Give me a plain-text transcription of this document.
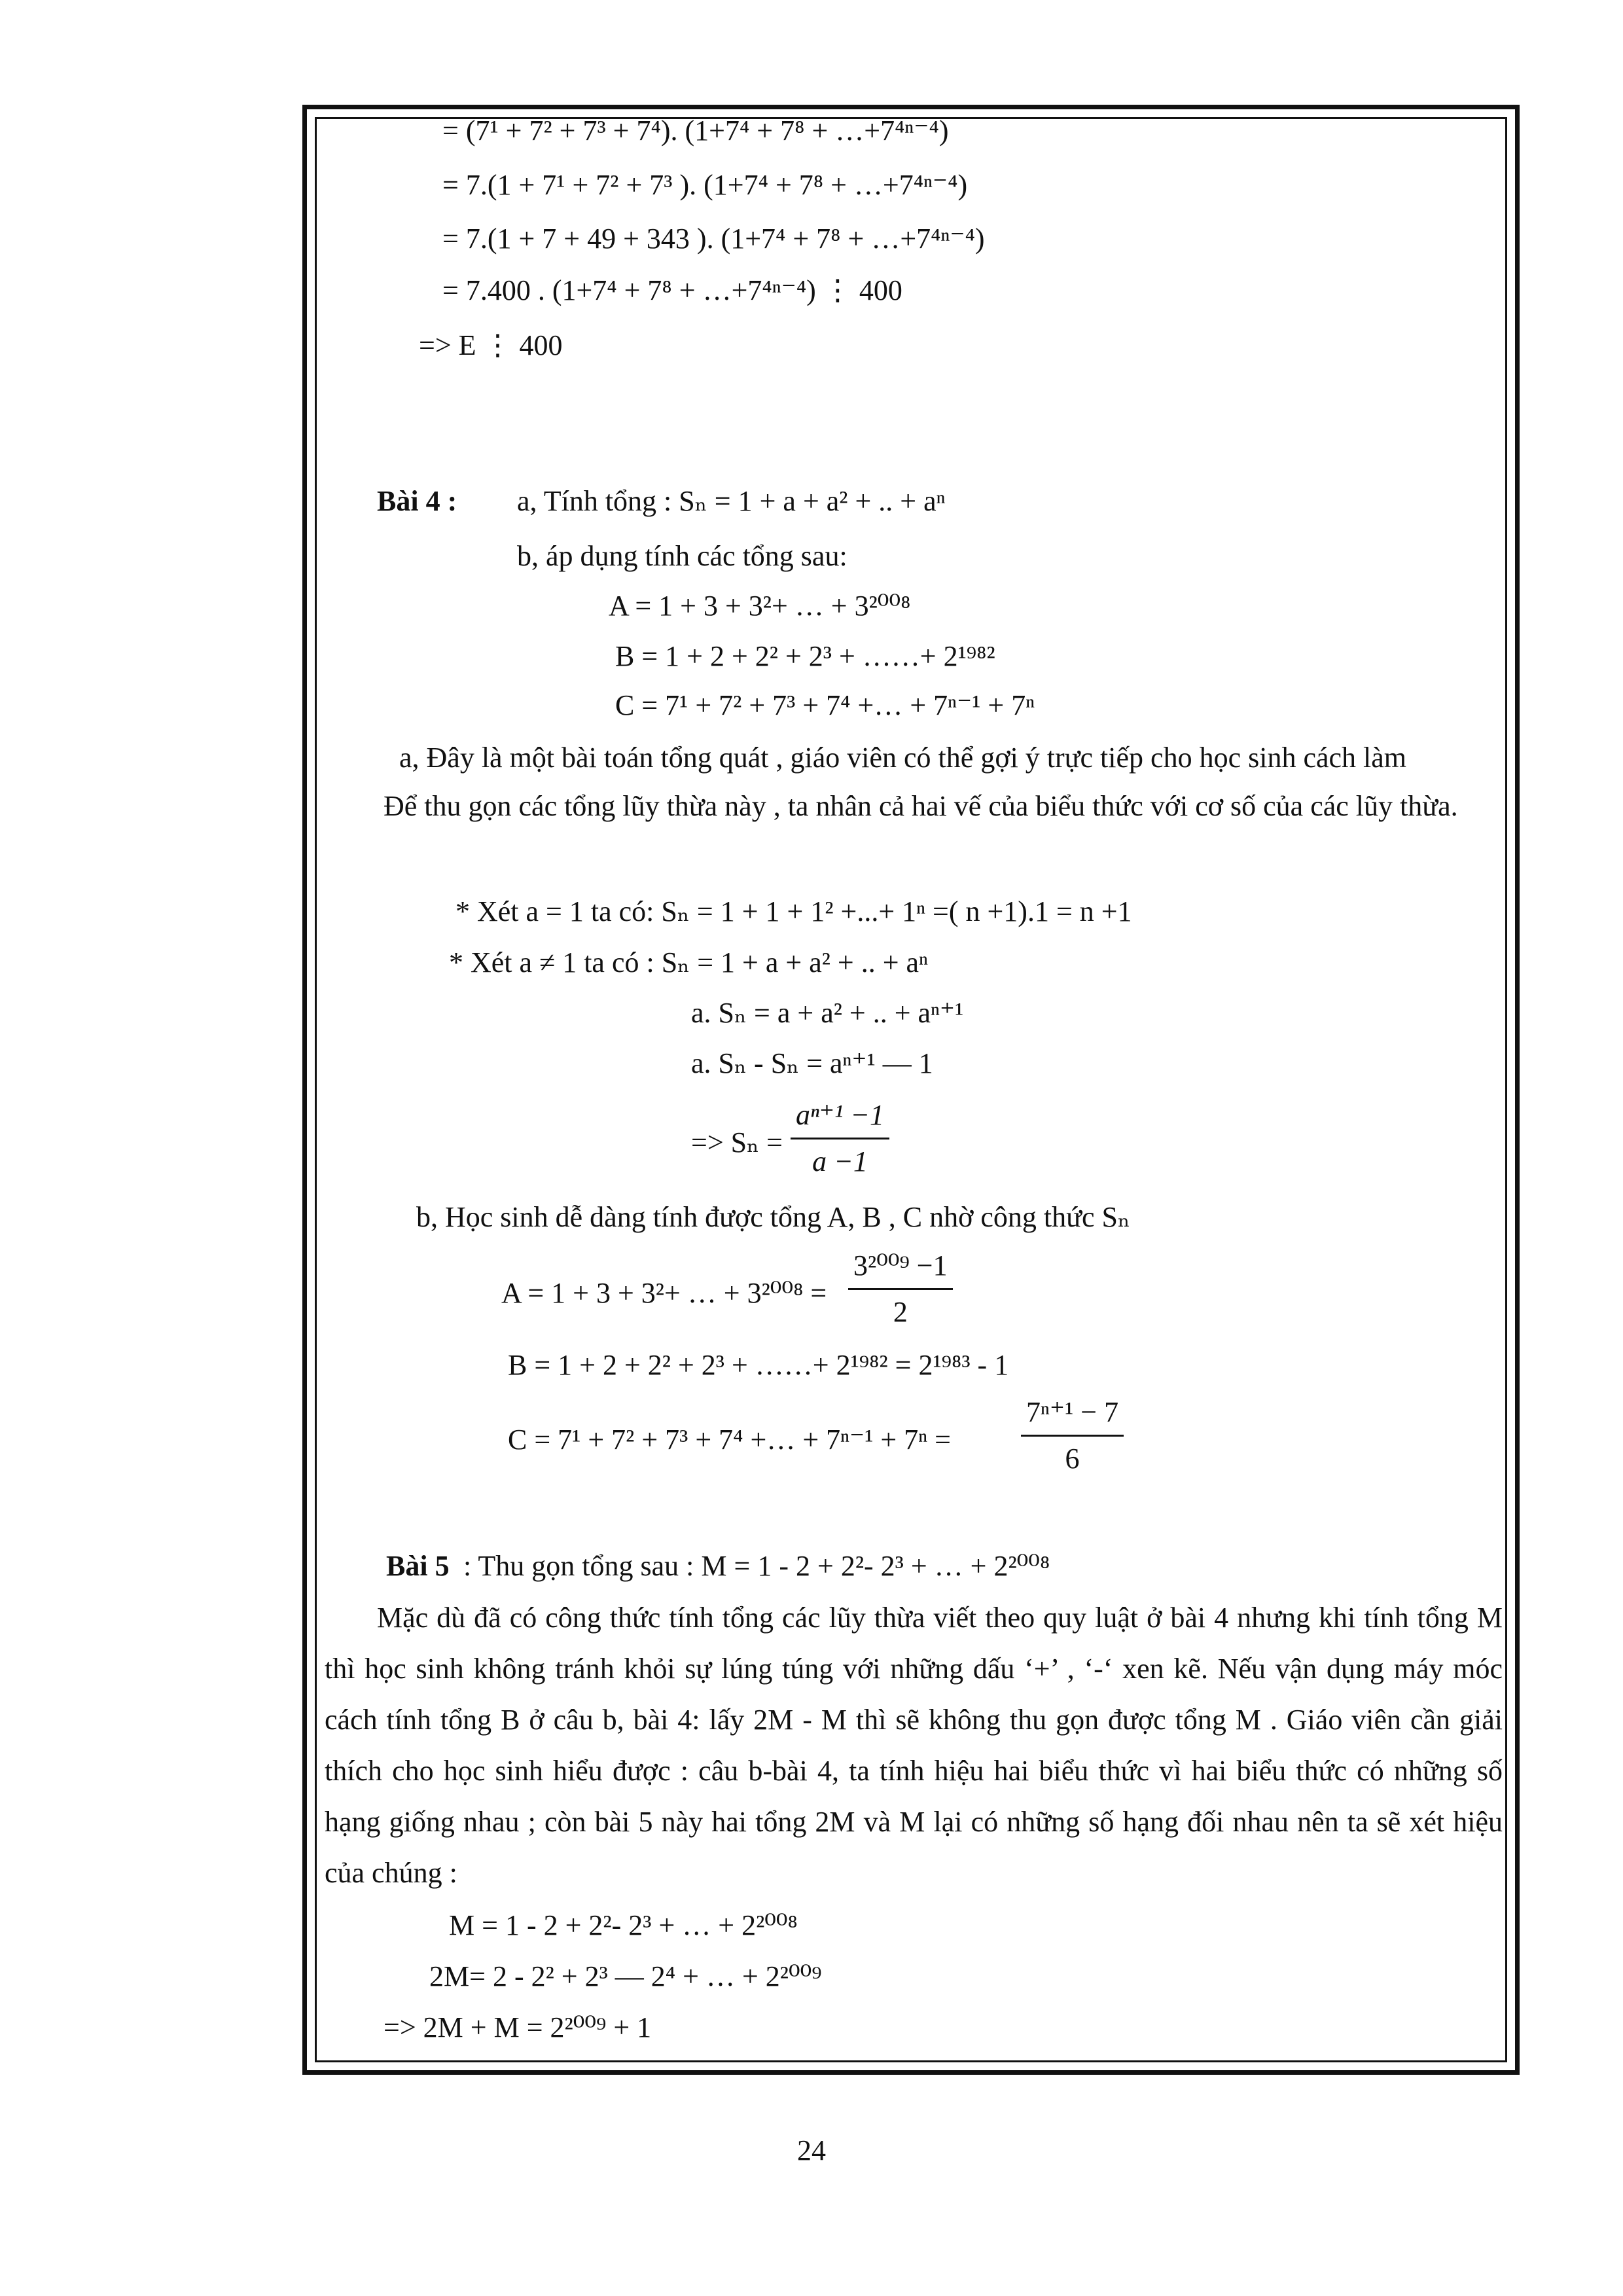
= (7¹ + 7² + 7³ + 7⁴). (1+7⁴ + 7⁸ + …+7⁴ⁿ⁻⁴)
= 7.(1 + 7¹ + 7² + 7³ ). (1+7⁴ + 7⁸ + …+7⁴ⁿ⁻⁴)
= 7.(1 + 7 + 49 + 343 ). (1+7⁴ + 7⁸ + …+7⁴ⁿ⁻⁴)
= 7.400 . (1+7⁴ + 7⁸ + …+7⁴ⁿ⁻⁴) ⋮ 400
=> E ⋮ 400
Bài 4 : a, Tính tổng : Sₙ = 1 + a + a² + .. + aⁿ
b, áp dụng tính các tổng sau:
A = 1 + 3 + 3²+ … + 3²⁰⁰⁸
B = 1 + 2 + 2² + 2³ + ……+ 2¹⁹⁸²
C = 7¹ + 7² + 7³ + 7⁴ +… + 7ⁿ⁻¹ + 7ⁿ
a, Đây là một bài toán tổng quát , giáo viên có thể gợi ý trực tiếp cho học sinh cách làm
Để thu gọn các tổng lũy thừa này , ta nhân cả hai vế của biểu thức với cơ số của các lũy thừa.
* Xét a = 1 ta có: Sₙ = 1 + 1 + 1² +...+ 1ⁿ =( n +1).1 = n +1
* Xét a ≠ 1 ta có : Sₙ = 1 + a + a² + .. + aⁿ
a. Sₙ = a + a² + .. + aⁿ⁺¹
a. Sₙ - Sₙ = aⁿ⁺¹ — 1
=> Sₙ =
aⁿ⁺¹ −1
a −1
b, Học sinh dễ dàng tính được tổng A, B , C nhờ công thức Sₙ
A = 1 + 3 + 3²+ … + 3²⁰⁰⁸ =
3²⁰⁰⁹ −1
2
B = 1 + 2 + 2² + 2³ + ……+ 2¹⁹⁸² = 2¹⁹⁸³ - 1
C = 7¹ + 7² + 7³ + 7⁴ +… + 7ⁿ⁻¹ + 7ⁿ =
7ⁿ⁺¹ − 7
6
Bài 5 : Thu gọn tổng sau : M = 1 - 2 + 2²- 2³ + … + 2²⁰⁰⁸
Mặc dù đã có công thức tính tổng các lũy thừa viết theo quy luật ở bài 4 nhưng khi tính tổng M thì học sinh không tránh khỏi sự lúng túng với những dấu ‘+’ , ‘-‘ xen kẽ. Nếu vận dụng máy móc cách tính tổng B ở câu b, bài 4: lấy 2M - M thì sẽ không thu gọn được tổng M . Giáo viên cần giải thích cho học sinh hiểu được : câu b-bài 4, ta tính hiệu hai biểu thức vì hai biểu thức có những số hạng giống nhau ; còn bài 5 này hai tổng 2M và M lại có những số hạng đối nhau nên ta sẽ xét hiệu của chúng :
M = 1 - 2 + 2²- 2³ + … + 2²⁰⁰⁸
2M= 2 - 2² + 2³ — 2⁴ + … + 2²⁰⁰⁹
=> 2M + M = 2²⁰⁰⁹ + 1
24
